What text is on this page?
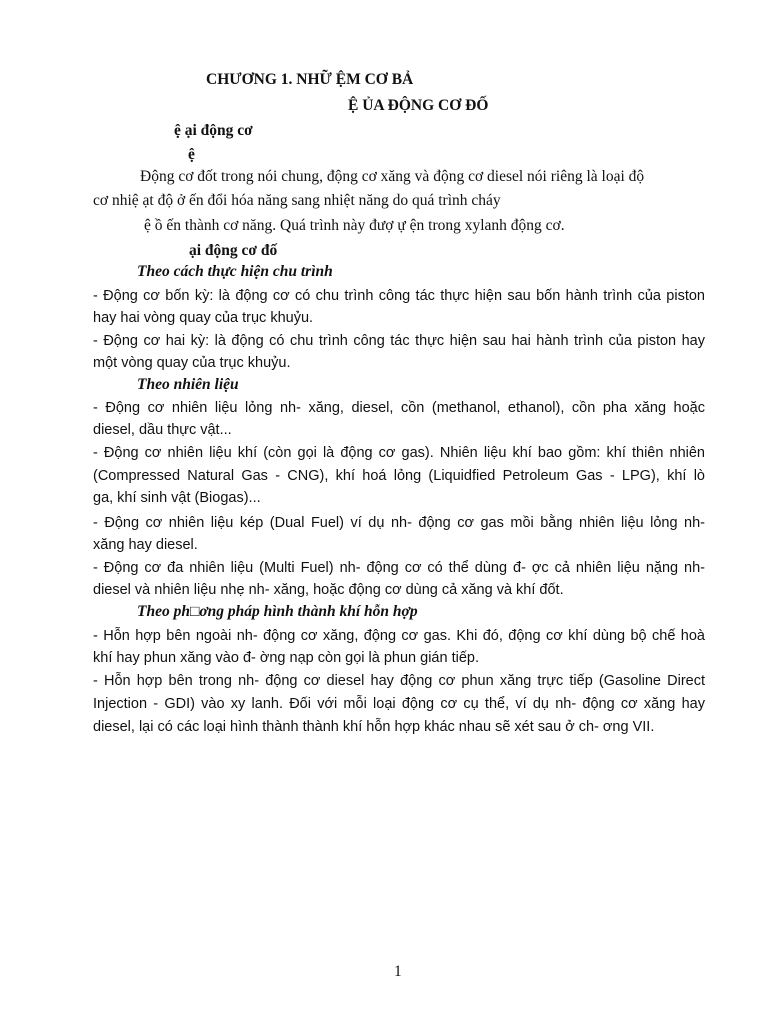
CHƯƠNG 1. NHỮ ỆM CƠ BẢ
Ệ ỦA ĐỘNG CƠ ĐỐ
ệ ại động cơ
ệ
Động cơ đốt trong nói chung, động cơ xăng và động cơ diesel nói riêng là loại độ
cơ nhiệ ạt độ ở ến đổi hóa năng sang nhiệt năng do quá trình cháy
ệ ồ ến thành cơ năng. Quá trình này đượ ự ện trong xylanh động cơ.
ại động cơ đố
Theo cách thực hiện chu trình
- Động cơ bốn kỳ: là động cơ có chu trình công tác thực hiện sau bốn hành trình của piston
hay hai vòng quay của trục khuỷu.
- Động cơ hai kỳ: là động có chu trình công tác thực hiện sau hai hành trình của piston hay
một vòng quay của trục khuỷu.
Theo nhiên liệu
- Động cơ nhiên liệu lỏng nh- xăng, diesel, cồn (methanol, ethanol), cồn pha xăng hoặc
diesel, dầu thực vật...
- Động cơ nhiên liệu khí (còn gọi là động cơ gas). Nhiên liệu khí bao gồm: khí thiên nhiên
(Compressed Natural Gas - CNG), khí hoá lỏng (Liquidfied Petroleum Gas - LPG), khí lò
ga, khí sinh vật (Biogas)...
- Động cơ nhiên liệu kép (Dual Fuel) ví dụ nh- động cơ gas mồi bằng nhiên liệu lỏng nh-
xăng hay diesel.
- Động cơ đa nhiên liệu (Multi Fuel) nh- động cơ có thể dùng đ- ợc cả nhiên liệu nặng nh-
diesel và nhiên liệu nhẹ nh- xăng, hoặc động cơ dùng cả xăng và khí đốt.
Theo ph□ơng pháp hình thành khí hỗn hợp
- Hỗn hợp bên ngoài nh- động cơ xăng, động cơ gas. Khi đó, động cơ khí dùng bộ chế hoà
khí hay phun xăng vào đ- ờng nạp còn gọi là phun gián tiếp.
- Hỗn hợp bên trong nh- động cơ diesel hay động cơ phun xăng trực tiếp (Gasoline Direct
Injection - GDI) vào xy lanh. Đối với mỗi loại động cơ cụ thể, ví dụ nh- động cơ xăng hay
diesel, lại có các loại hình thành thành khí hỗn hợp khác nhau sẽ xét sau ở ch- ơng VII.
1
